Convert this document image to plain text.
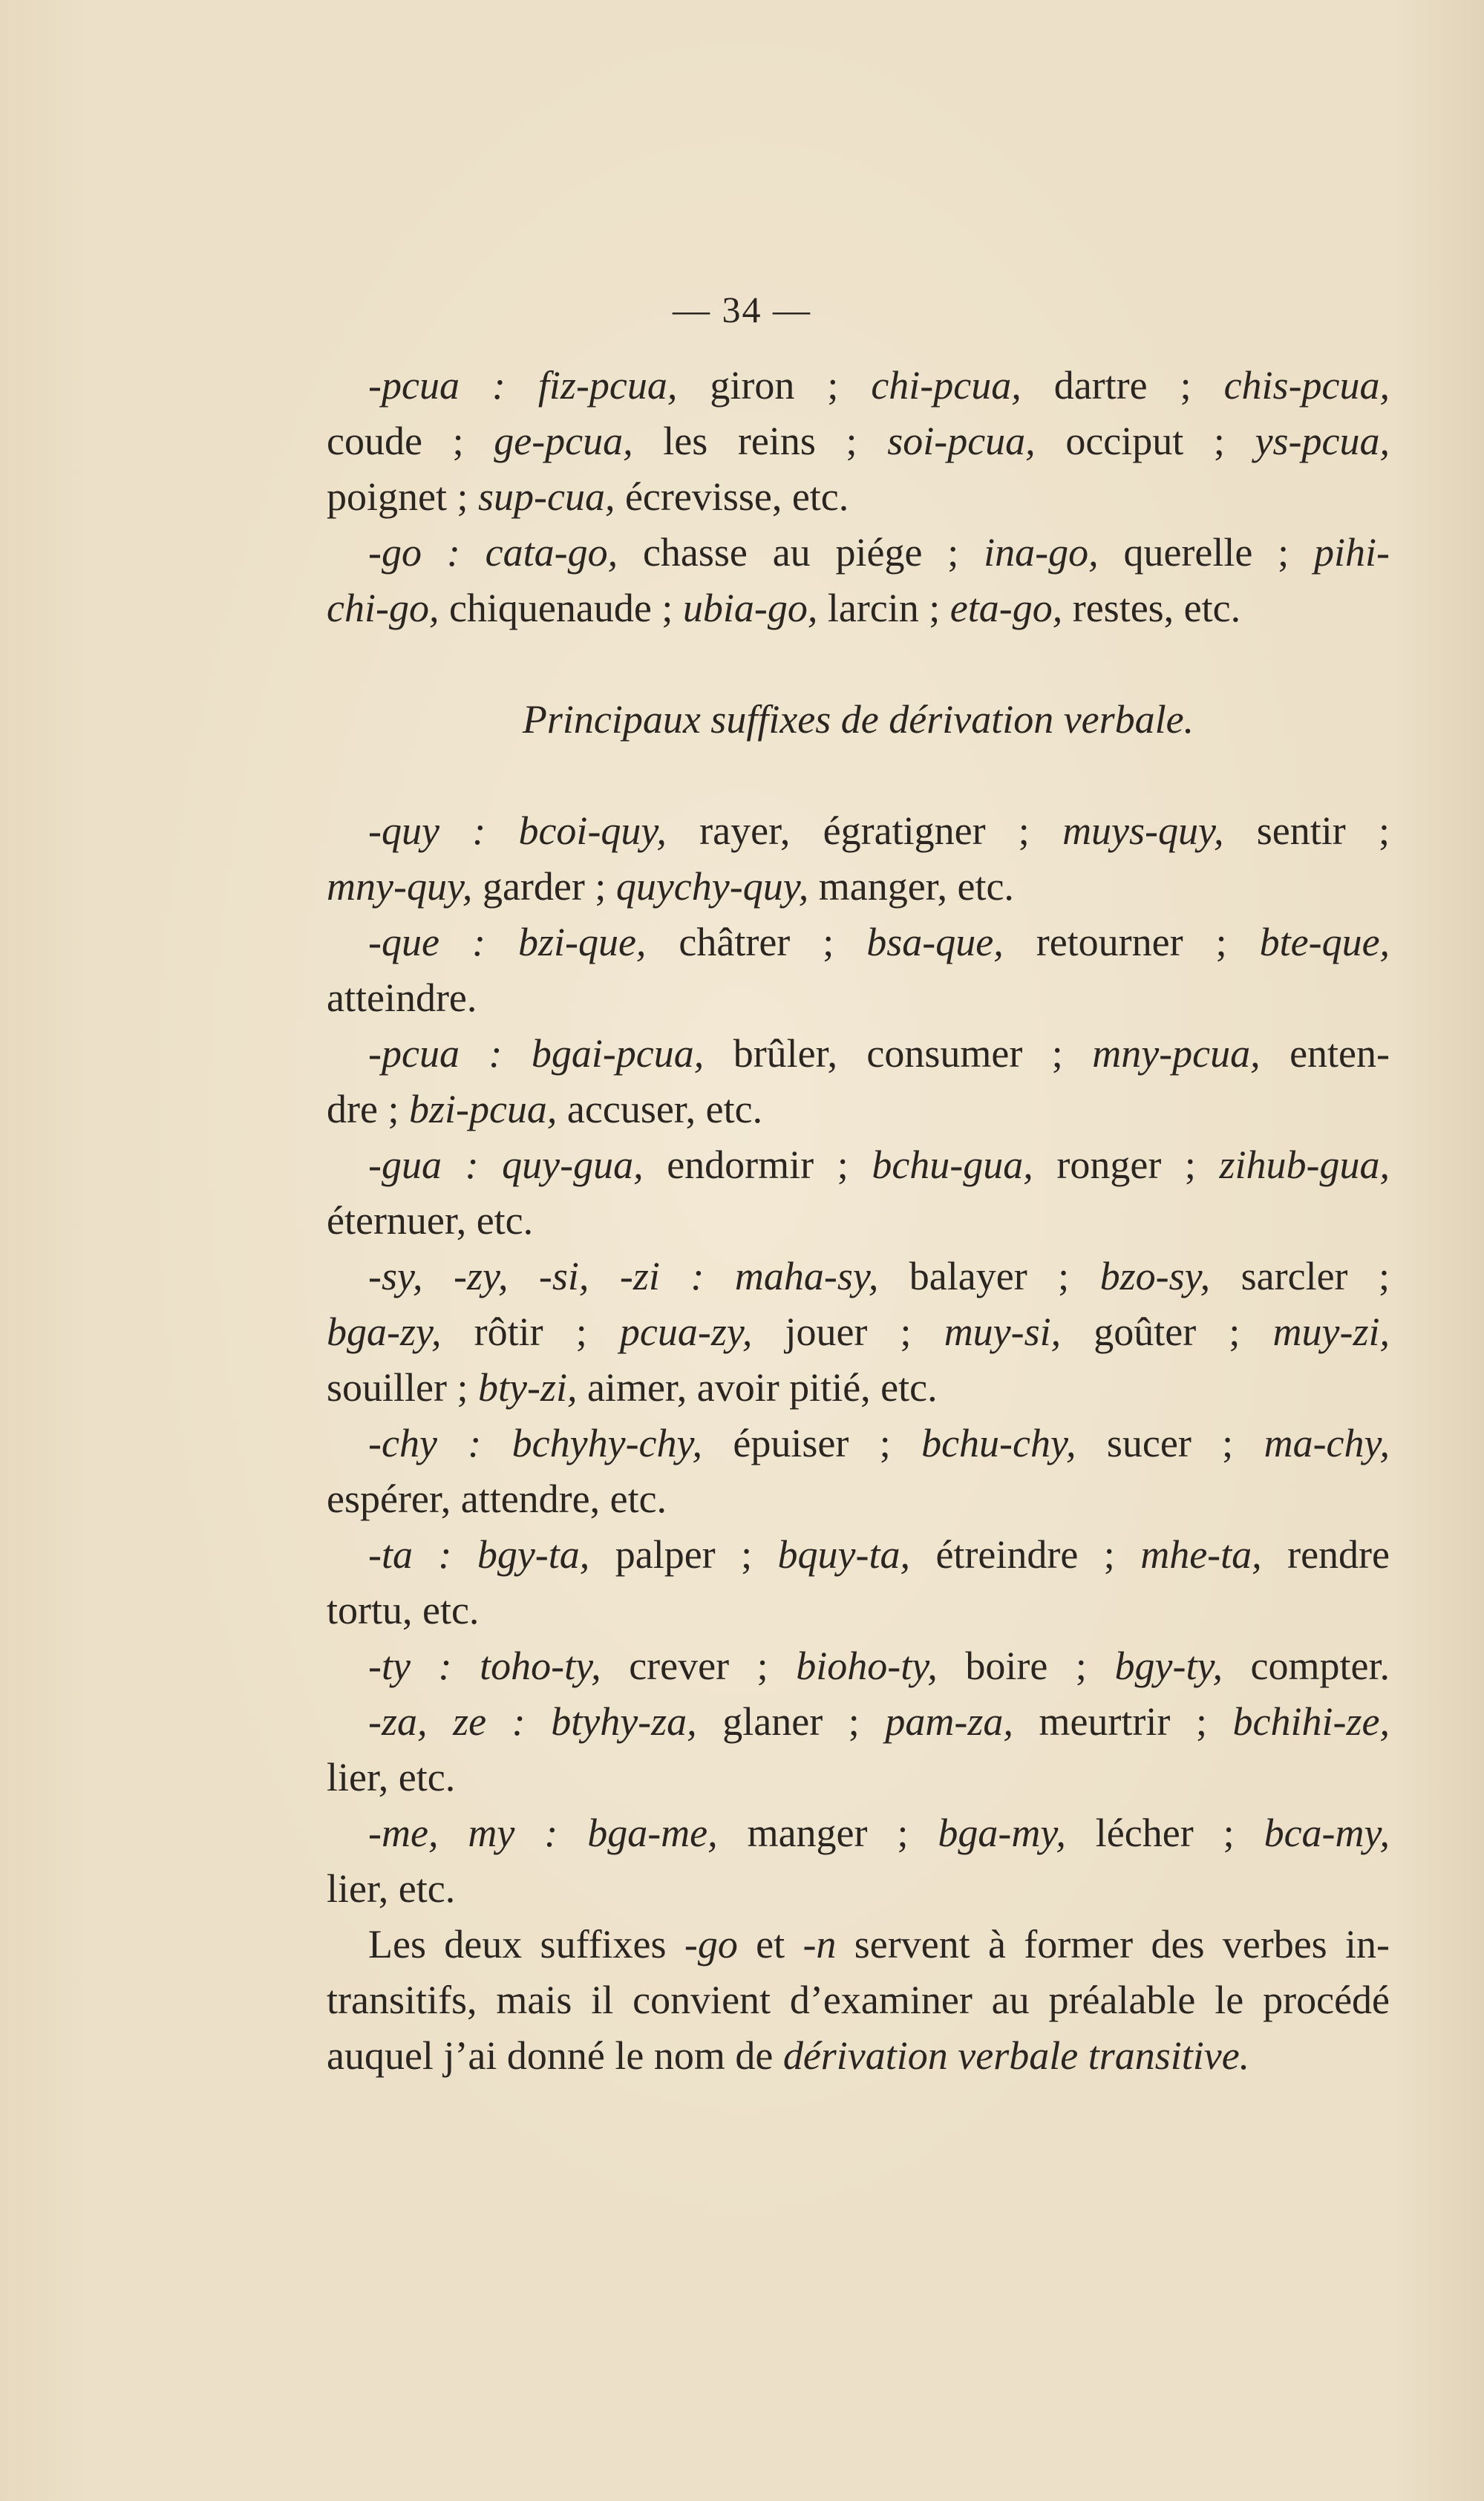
— 34 —
-pcua : fiz-pcua, giron ; chi-pcua, dartre ; chis-pcua,
coude ; ge-pcua, les reins ; soi-pcua, occiput ; ys-pcua,
poignet ; sup-cua, écrevisse, etc.
-go : cata-go, chasse au piége ; ina-go, querelle ; pihi-
chi-go, chiquenaude ; ubia-go, larcin ; eta-go, restes, etc.
Principaux suffixes de dérivation verbale.
-quy : bcoi-quy, rayer, égratigner ; muys-quy, sentir ;
mny-quy, garder ; quychy-quy, manger, etc.
-que : bzi-que, châtrer ; bsa-que, retourner ; bte-que,
atteindre.
-pcua : bgai-pcua, brûler, consumer ; mny-pcua, enten-
dre ; bzi-pcua, accuser, etc.
-gua : quy-gua, endormir ; bchu-gua, ronger ; zihub-gua,
éternuer, etc.
-sy, -zy, -si, -zi : maha-sy, balayer ; bzo-sy, sarcler ;
bga-zy, rôtir ; pcua-zy, jouer ; muy-si, goûter ; muy-zi,
souiller ; bty-zi, aimer, avoir pitié, etc.
-chy : bchyhy-chy, épuiser ; bchu-chy, sucer ; ma-chy,
espérer, attendre, etc.
-ta : bgy-ta, palper ; bquy-ta, étreindre ; mhe-ta, rendre
tortu, etc.
-ty : toho-ty, crever ; bioho-ty, boire ; bgy-ty, compter.
-za, ze : btyhy-za, glaner ; pam-za, meurtrir ; bchihi-ze,
lier, etc.
-me, my : bga-me, manger ; bga-my, lécher ; bca-my,
lier, etc.
Les deux suffixes -go et -n servent à former des verbes in-
transitifs, mais il convient d’examiner au préalable le procédé
auquel j’ai donné le nom de dérivation verbale transitive.
